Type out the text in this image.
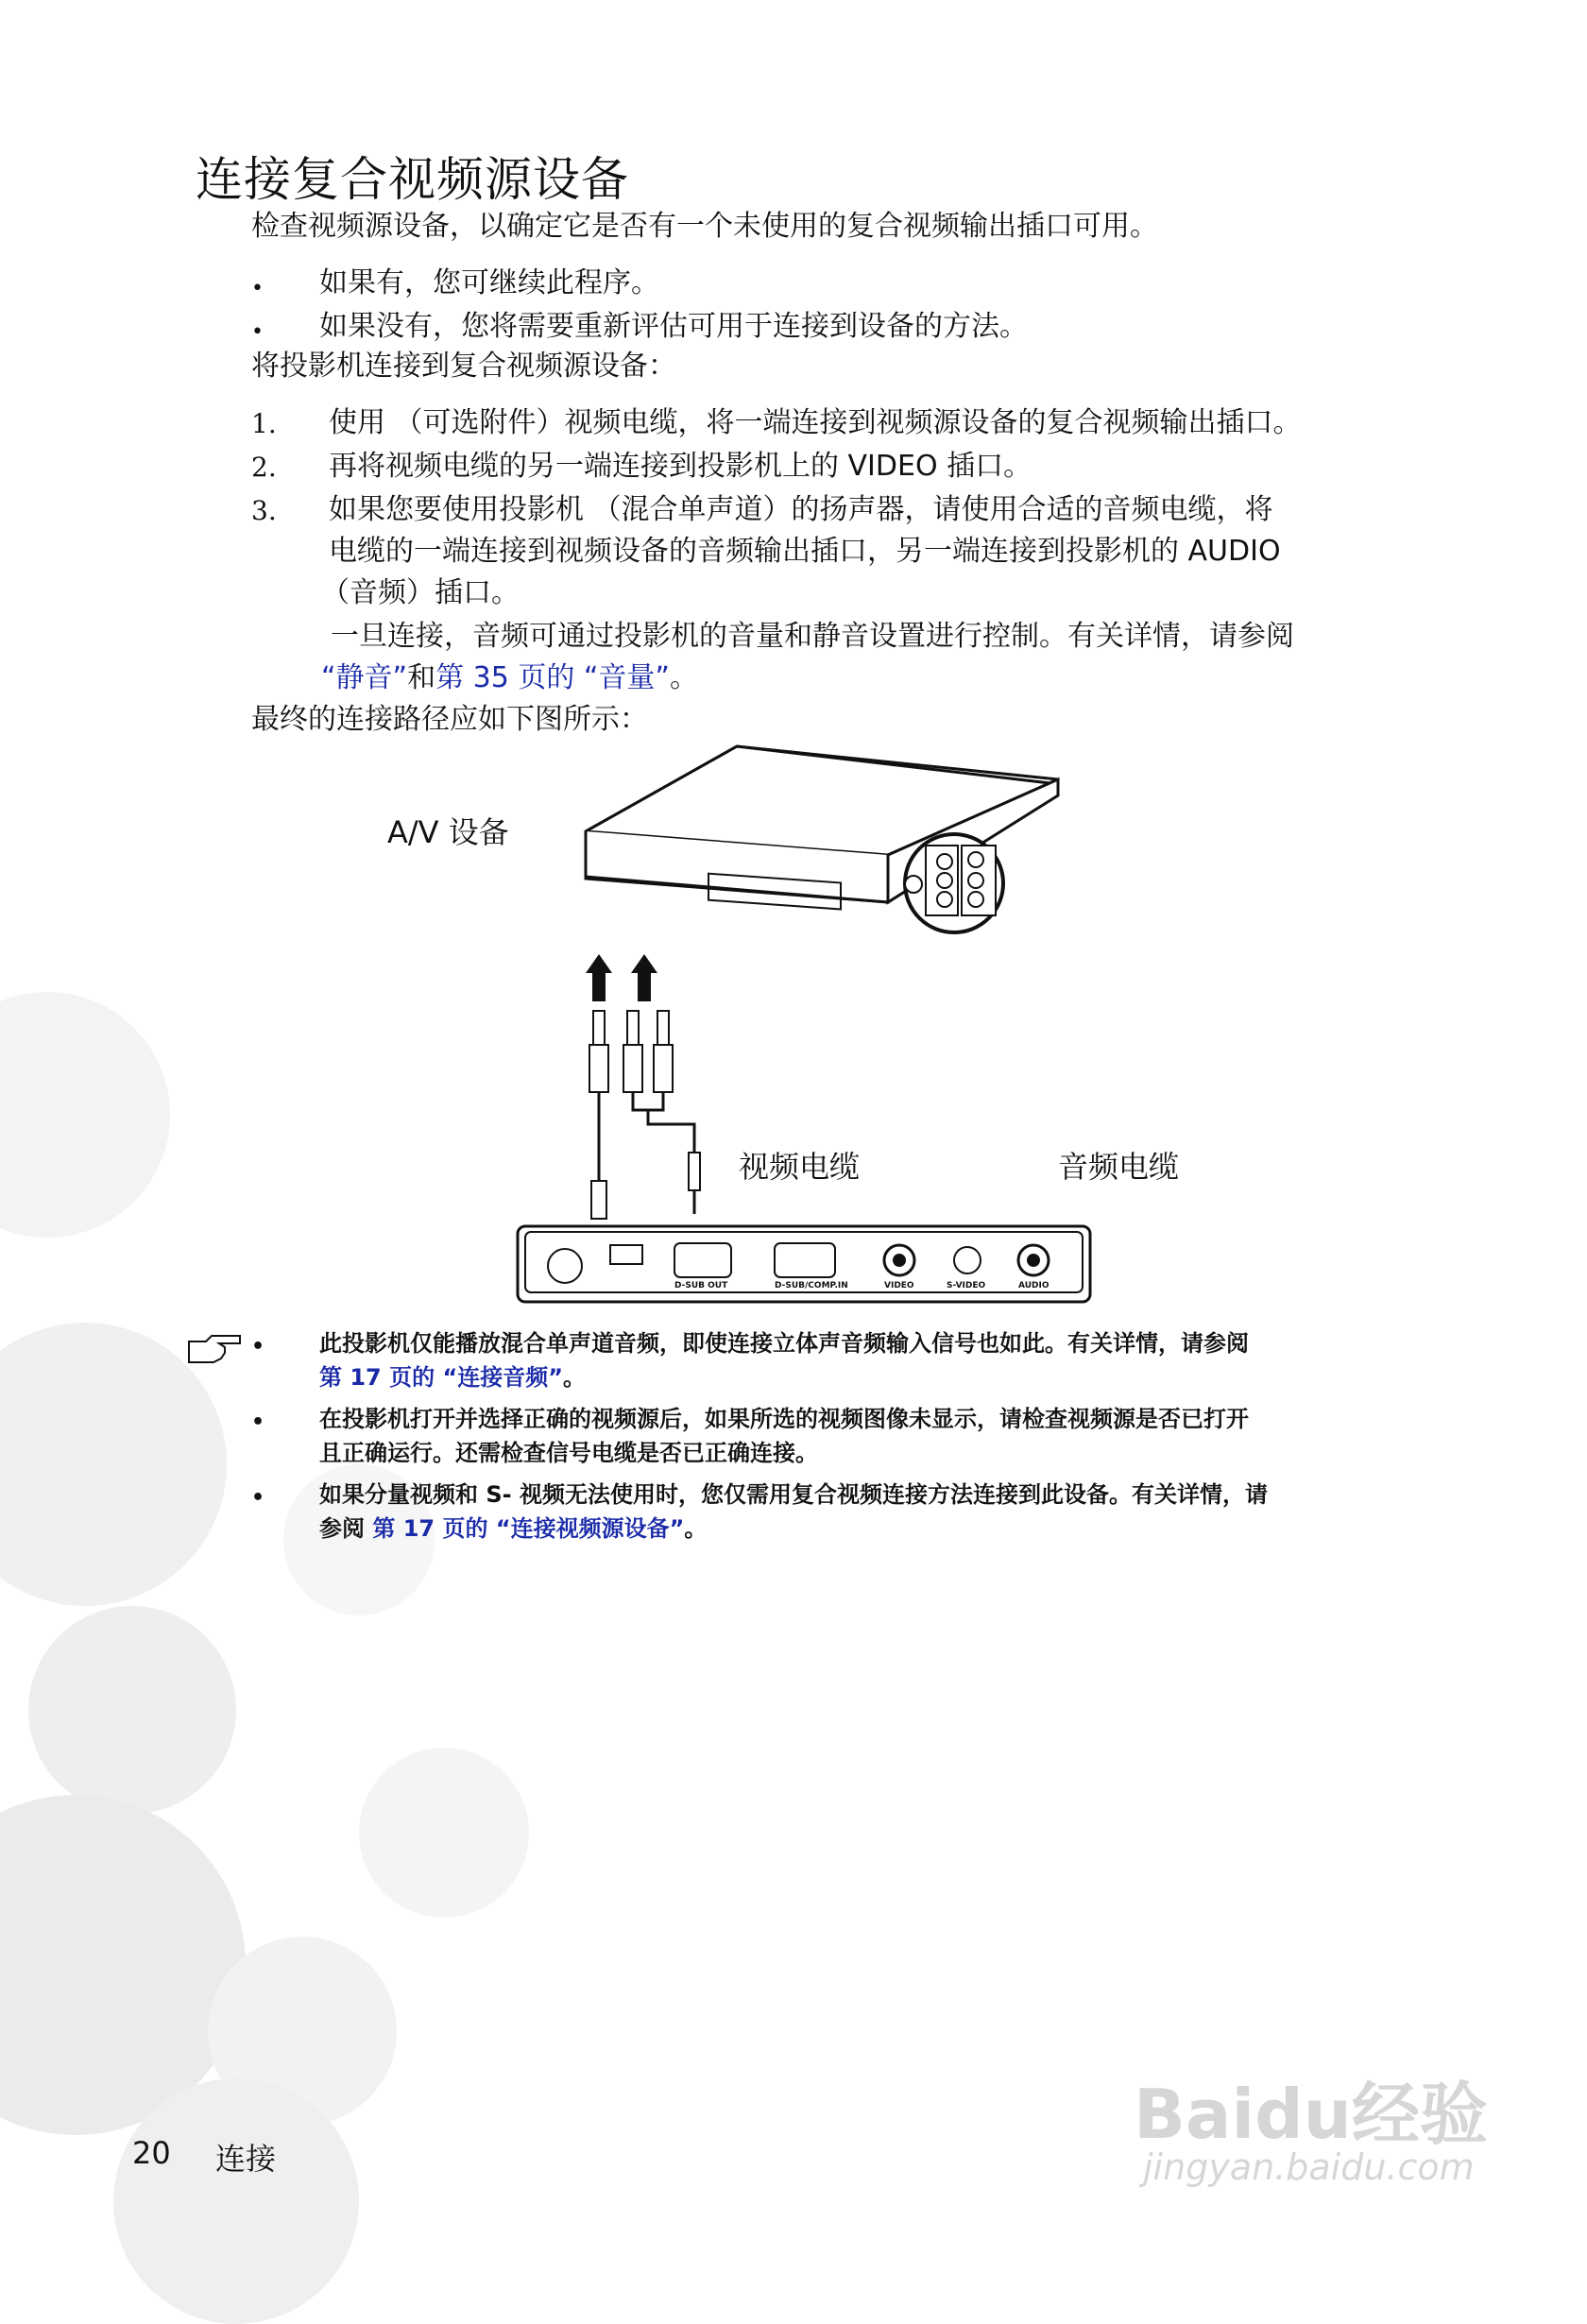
连接复合视频源设备
检查视频源设备，以确定它是否有一个未使用的复合视频输出插口可用。
• 如果有，您可继续此程序。
• 如果没有，您将需要重新评估可用于连接到设备的方法。
将投影机连接到复合视频源设备：
1. 使用 （可选附件）视频电缆，将一端连接到视频源设备的复合视频输出插口。
2. 再将视频电缆的另一端连接到投影机上的 VIDEO 插口。
3. 如果您要使用投影机 （混合单声道）的扬声器，请使用合适的音频电缆，将
电缆的一端连接到视频设备的音频输出插口，另一端连接到投影机的 AUDIO
（音频）插口。
一旦连接，音频可通过投影机的音量和静音设置进行控制。有关详情，请参阅
“静音”和第 35 页的 “音量”。
最终的连接路径应如下图所示：
A/V 设备
视频电缆	音频电缆
D-SUB OUT	D-SUB/COMP.IN	VIDEO	S-VIDEO	AUDIO
• 此投影机仅能播放混合单声道音频，即使连接立体声音频输入信号也如此。有关详情，请参阅
第 17 页的 “连接音频”。
• 在投影机打开并选择正确的视频源后，如果所选的视频图像未显示，请检查视频源是否已打开
且正确运行。还需检查信号电缆是否已正确连接。
• 如果分量视频和 S- 视频无法使用时，您仅需用复合视频连接方法连接到此设备。有关详情，请
参阅 第 17 页的 “连接视频源设备”。
20 连接
Baidu经验
jingyan.baidu.com
